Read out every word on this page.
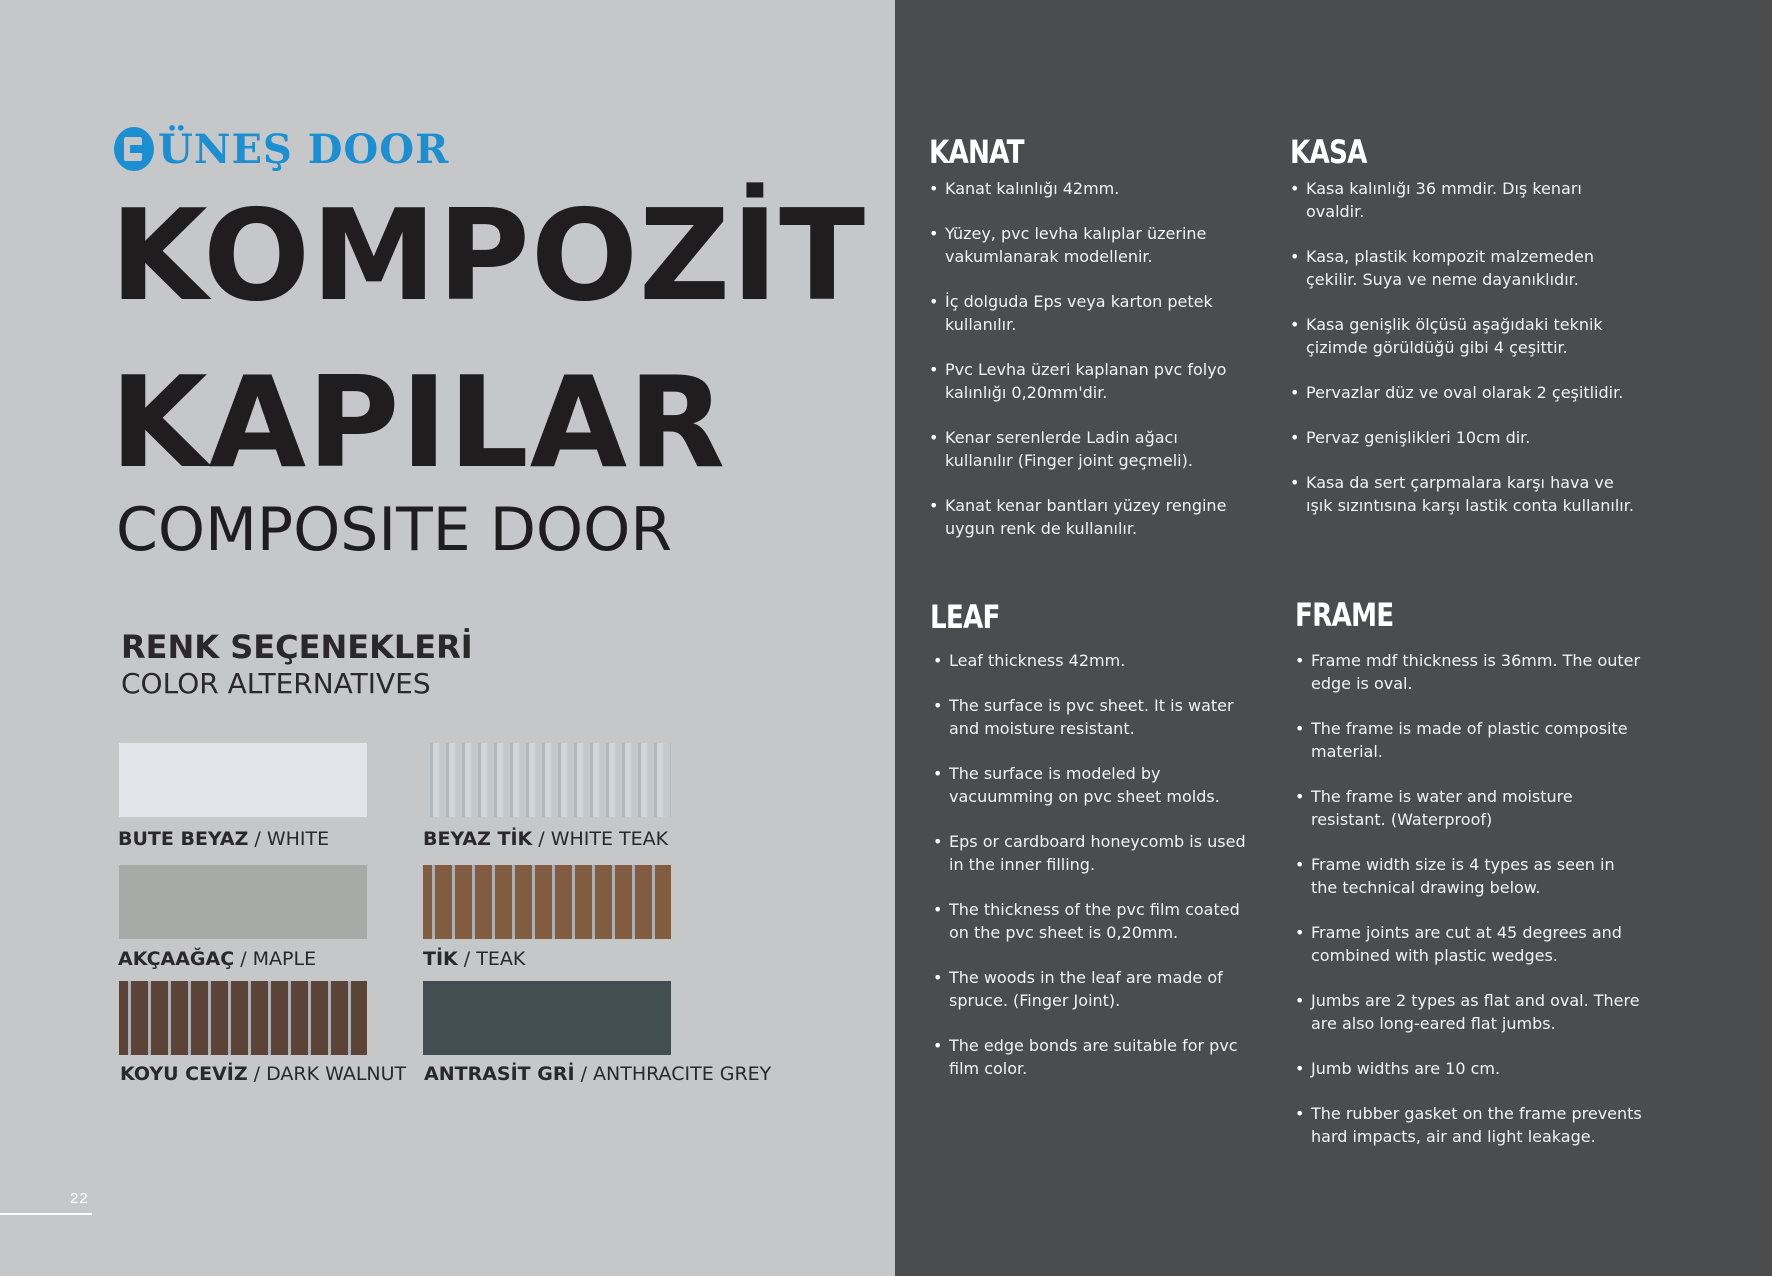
ÜNEŞ DOOR
KOMPOZİT
KAPILAR
COMPOSITE DOOR
RENK SEÇENEKLERİ
COLOR ALTERNATIVES
BUTE BEYAZ / WHITE	BEYAZ TİK / WHITE TEAK
AKÇAAĞAÇ / MAPLE	TİK / TEAK
KOYU CEVİZ / DARK WALNUT ANTRASİT GRİ / ANTHRACITE GREY
22
KANAT
• Kanat kalınlığı 42mm.
• Yüzey, pvc levha kalıplar üzerine vakumlanarak modellenir.
• İç dolguda Eps veya karton petek kullanılır.
• Pvc Levha üzeri kaplanan pvc folyo kalınlığı 0,20mm'dir.
• Kenar serenlerde Ladin ağacı kullanılır (Finger joint geçmeli).
• Kanat kenar bantları yüzey rengine uygun renk de kullanılır.
KASA
• Kasa kalınlığı 36 mmdir. Dış kenarı ovaldir.
• Kasa, plastik kompozit malzemeden çekilir. Suya ve neme dayanıklıdır.
• Kasa genişlik ölçüsü aşağıdaki teknik çizimde görüldüğü gibi 4 çeşittir.
• Pervazlar düz ve oval olarak 2 çeşitlidir.
• Pervaz genişlikleri 10cm dir.
• Kasa da sert çarpmalara karşı hava ve ışık sızıntısına karşı lastik conta kullanılır.
LEAF
• Leaf thickness 42mm.
• The surface is pvc sheet. It is water and moisture resistant.
• The surface is modeled by vacuumming on pvc sheet molds.
• Eps or cardboard honeycomb is used in the inner filling.
• The thickness of the pvc film coated on the pvc sheet is 0,20mm.
• The woods in the leaf are made of spruce. (Finger Joint).
• The edge bonds are suitable for pvc film color.
FRAME
• Frame mdf thickness is 36mm. The outer edge is oval.
• The frame is made of plastic composite material.
• The frame is water and moisture resistant. (Waterproof)
• Frame width size is 4 types as seen in the technical drawing below.
• Frame joints are cut at 45 degrees and combined with plastic wedges.
• Jumbs are 2 types as flat and oval. There are also long-eared flat jumbs.
• Jumb widths are 10 cm.
• The rubber gasket on the frame prevents hard impacts, air and light leakage.
